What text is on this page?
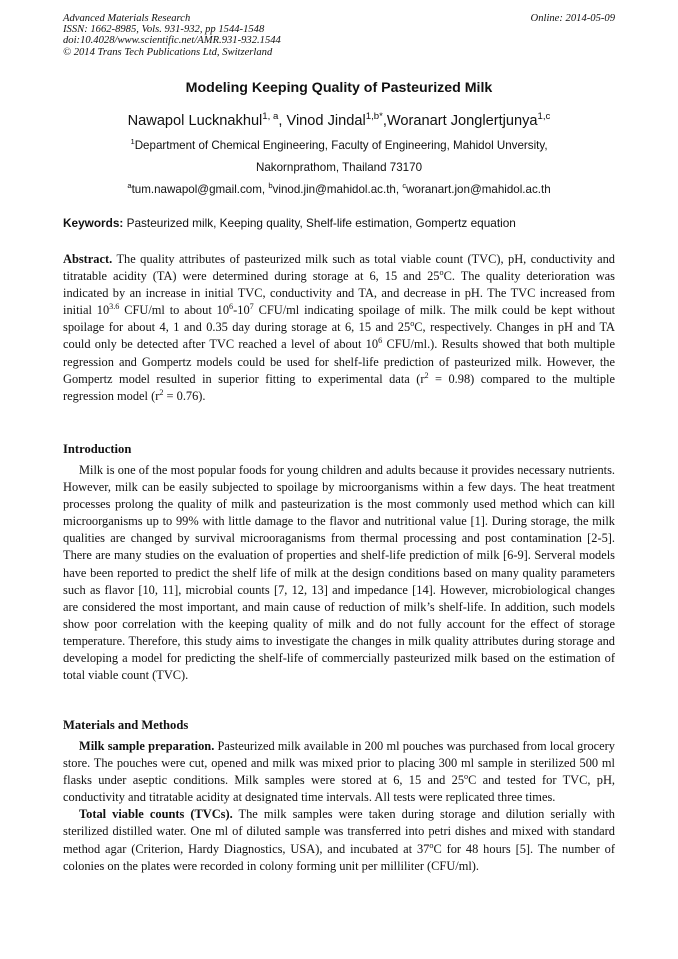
Advanced Materials Research
ISSN: 1662-8985, Vols. 931-932, pp 1544-1548
doi:10.4028/www.scientific.net/AMR.931-932.1544
© 2014 Trans Tech Publications Ltd, Switzerland
Online: 2014-05-09
Modeling Keeping Quality of Pasteurized Milk
Nawapol Lucknakhul$^{1, a}$, Vinod Jindal$^{1,b*}$,Woranart Jonglertjunya$^{1,c}$
$^1$Department of Chemical Engineering, Faculty of Engineering, Mahidol Unversity,
Nakornprathom, Thailand 73170
$^a$tum.nawapol@gmail.com, $^b$vinod.jin@mahidol.ac.th, $^c$woranart.jon@mahidol.ac.th
Keywords: Pasteurized milk, Keeping quality, Shelf-life estimation, Gompertz equation

Abstract. The quality attributes of pasteurized milk such as total viable count (TVC), pH, conductivity and titratable acidity (TA) were determined during storage at 6, 15 and 25$^o$C. The quality deterioration was indicated by an increase in initial TVC, conductivity and TA, and decrease in pH. The TVC increased from initial $10^{3.6}$ CFU/ml to about $10^6-10^7$ CFU/ml indicating spoilage of milk. The milk could be kept without spoilage for about 4, 1 and 0.35 day during storage at 6, 15 and 25$^o$C, respectively. Changes in pH and TA could only be detected after TVC reached a level of about $10^6$ CFU/ml.). Results showed that both multiple regression and Gompertz models could be used for shelf-life prediction of pasteurized milk. However, the Gompertz model resulted in superior fitting to experimental data $(r^2 = 0.98)$ compared to the multiple regression model $(r^2 = 0.76)$.

Introduction

Milk is one of the most popular foods for young children and adults because it provides necessary nutrients. However, milk can be easily subjected to spoilage by microorganisms within a few days. The heat treatment processes prolong the quality of milk and pasteurization is the most commonly used method which can kill microorganisms up to 99% with little damage to the flavor and nutritional value [1]. During storage, the milk qualities are changed by survival microoraganisms from thermal processing and post contamination [2-5]. There are many studies on the evaluation of properties and shelf-life prediction of milk [6-9]. Serveral models have been reported to predict the shelf life of milk at the design conditions based on many quality parameters such as flavor [10, 11], microbial counts [7, 12, 13] and impedance [14]. However, microbiological changes are considered the most important, and main cause of reduction of milk’s shelf-life. In addition, such models show poor correlation with the keeping quality of milk and do not fully account for the effect of storage temperature. Therefore, this study aims to investigate the changes in milk quality attributes during storage and developing a model for predicting the shelf-life of commercially pasteurized milk based on the estimation of total viable count (TVC).

Materials and Methods

Milk sample preparation. Pasteurized milk available in 200 ml pouches was purchased from local grocery store. The pouches were cut, opened and milk was mixed prior to placing 300 ml sample in sterilized 500 ml flasks under aseptic conditions. Milk samples were stored at 6, 15 and 25$^o$C and tested for TVC, pH, conductivity and titratable acidity at designated time intervals. All tests were replicated three times.

Total viable counts (TVCs). The milk samples were taken during storage and dilution serially with sterilized distilled water. One ml of diluted sample was transferred into petri dishes and mixed with standard method agar (Criterion, Hardy Diagnostics, USA), and incubated at 37$^o$C for 48 hours [5]. The number of colonies on the plates were recorded in colony forming unit per milliliter (CFU/ml).
